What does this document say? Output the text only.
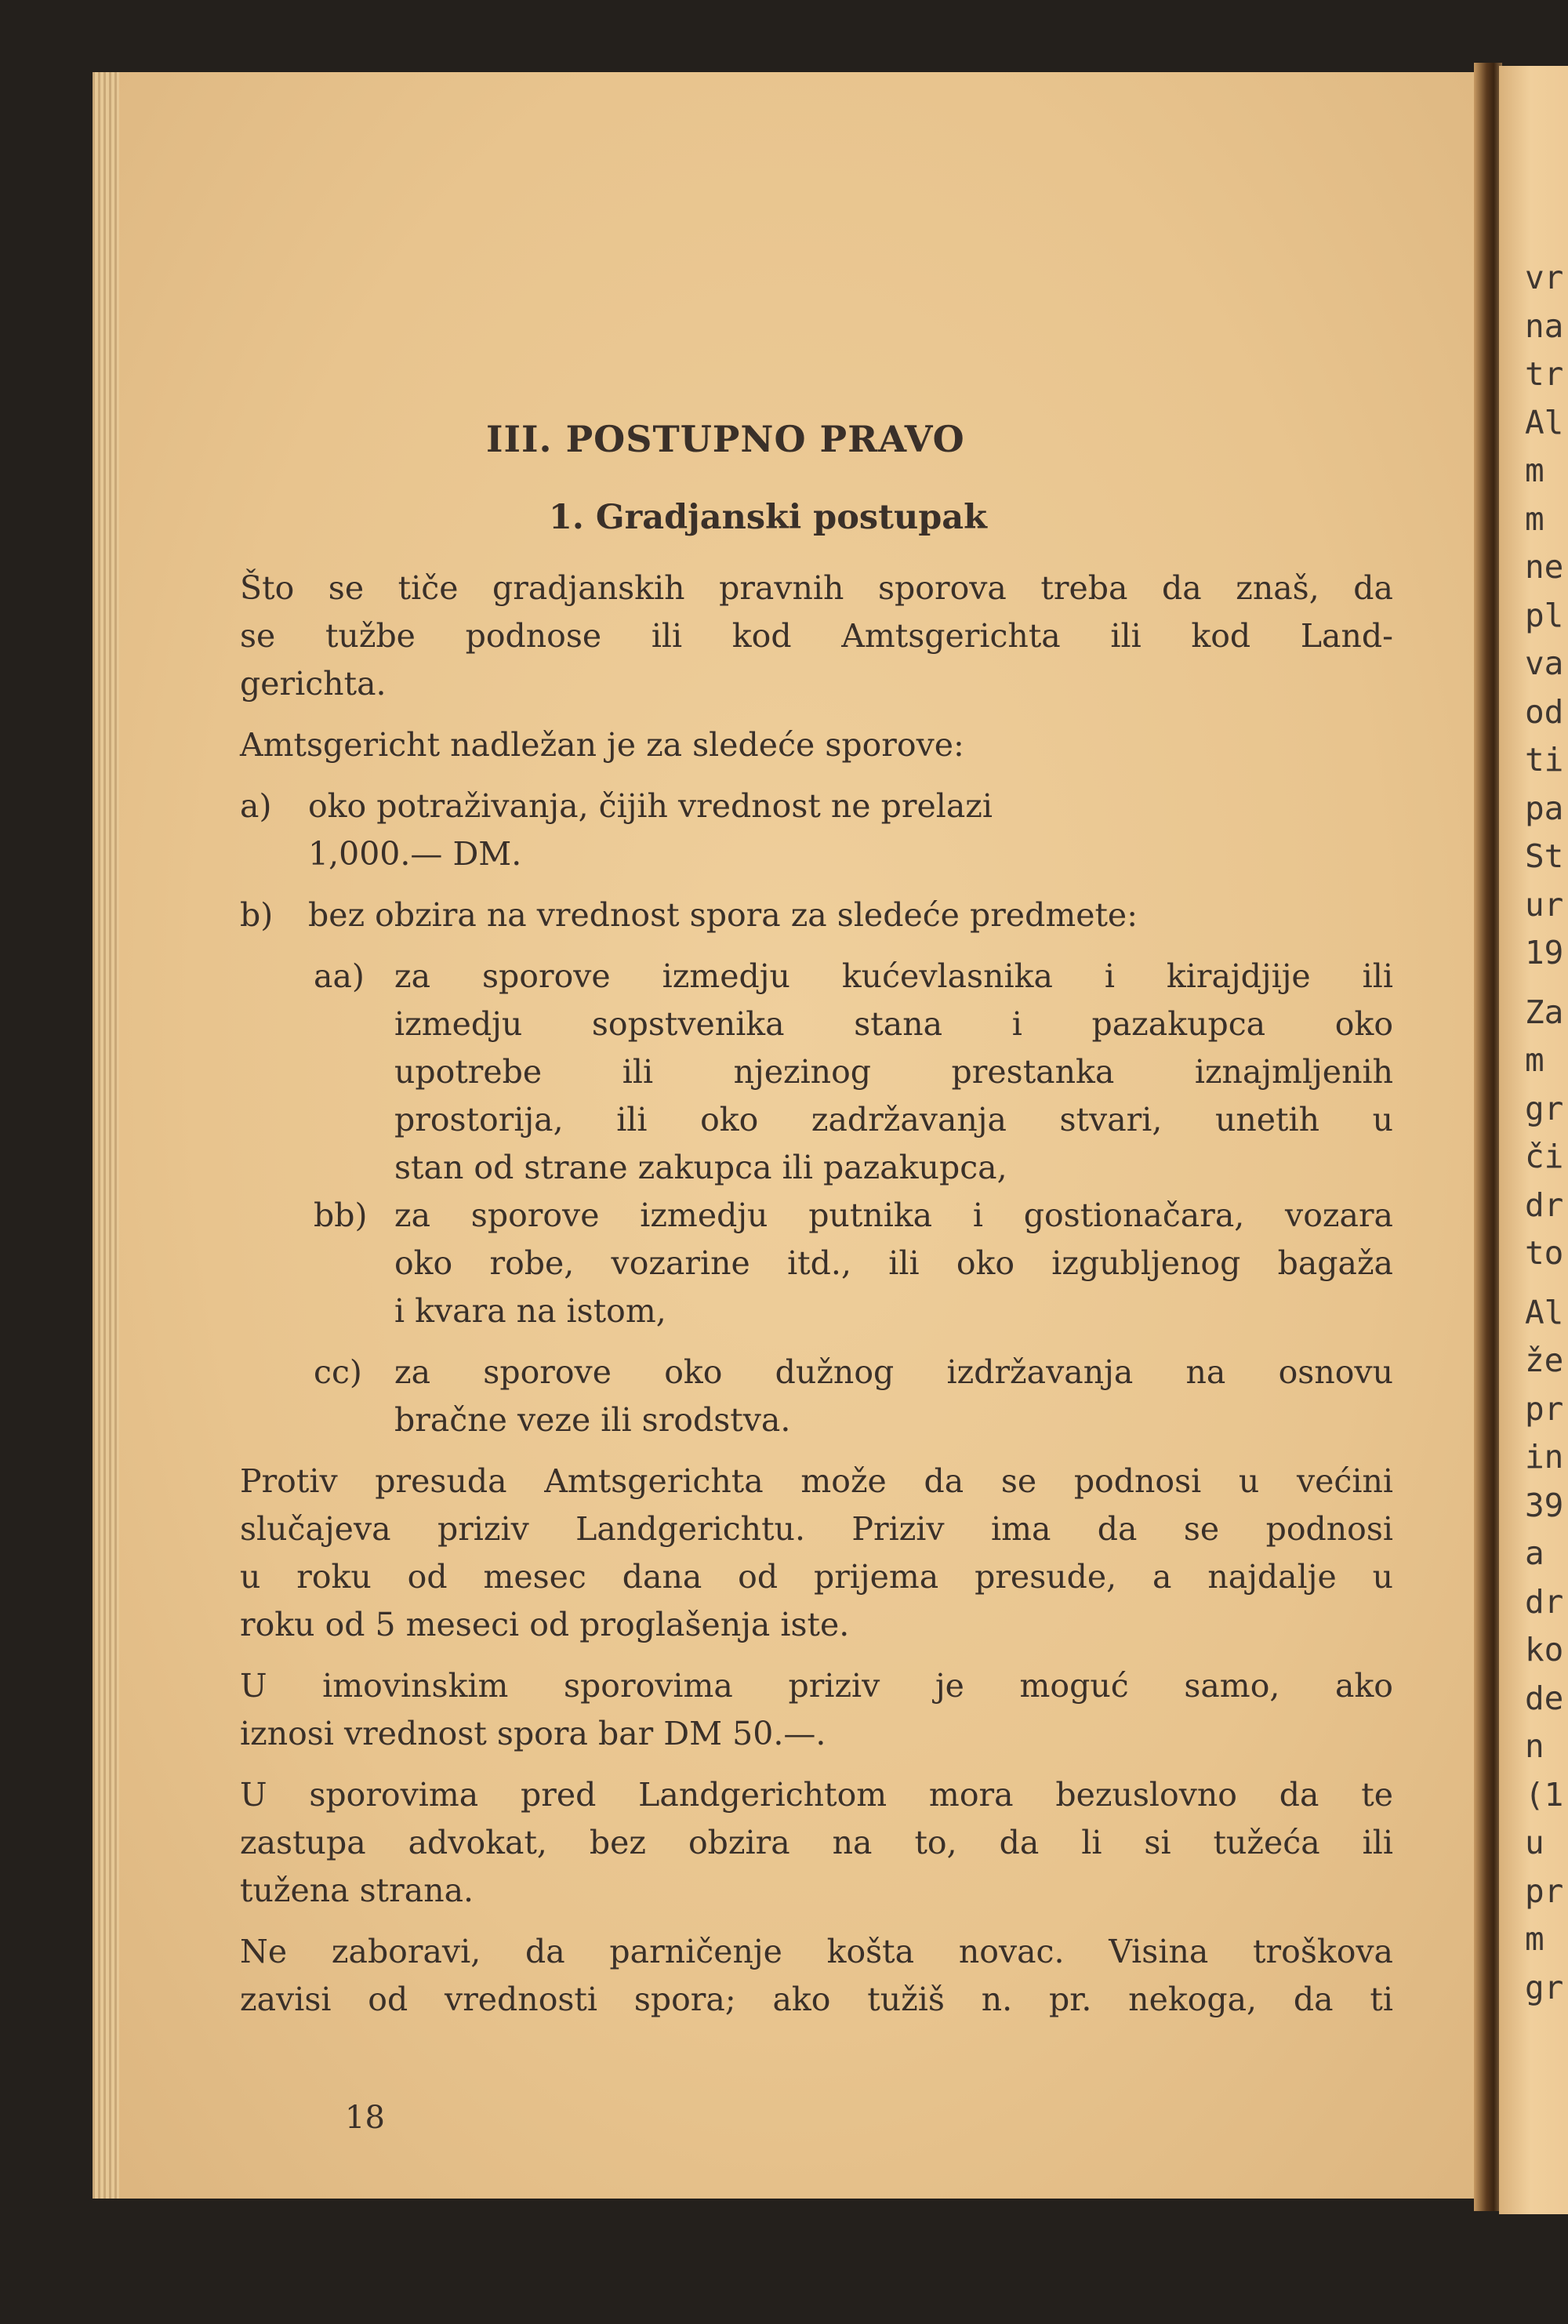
III. POSTUPNO PRAVO
1. Gradjanski postupak
Što se tiče gradjanskih pravnih sporova treba da znaš, da
se tužbe podnose ili kod Amtsgerichta ili kod Land-
gerichta.
Amtsgericht nadležan je za sledeće sporove:
oko potraživanja, čijih vrednost ne prelazi
a)
1,000.— DM.
bez obzira na vrednost spora za sledeće predmete:
b)
za sporove izmedju kućevlasnika i kirajdjije ili
aa)
izmedju sopstvenika stana i pazakupca oko
upotrebe ili njezinog prestanka iznajmljenih
prostorija, ili oko zadržavanja stvari, unetih u
stan od strane zakupca ili pazakupca,
za sporove izmedju putnika i gostionačara, vozara
bb)
oko robe, vozarine itd., ili oko izgubljenog bagaža
i kvara na istom,
za sporove oko dužnog izdržavanja na osnovu
cc)
bračne veze ili srodstva.
Protiv presuda Amtsgerichta može da se podnosi u većini
slučajeva priziv Landgerichtu. Priziv ima da se podnosi
u roku od mesec dana od prijema presude, a najdalje u
roku od 5 meseci od proglašenja iste.
U imovinskim sporovima priziv je moguć samo, ako
iznosi vrednost spora bar DM 50.—.
U sporovima pred Landgerichtom mora bezuslovno da te
zastupa advokat, bez obzira na to, da li si tužeća ili
tužena strana.
Ne zaboravi, da parničenje košta novac. Visina troškova
zavisi od vrednosti spora; ako tužiš n. pr. nekoga, da ti
18
vr
na
tr
Al
m
m
ne
pl
va
od
ti
pa
St
ur
19
Za
m
gr
či
dr
to
Al
že
pr
in
39
a
dr
ko
de
n
(1
u
pr
m
gr
